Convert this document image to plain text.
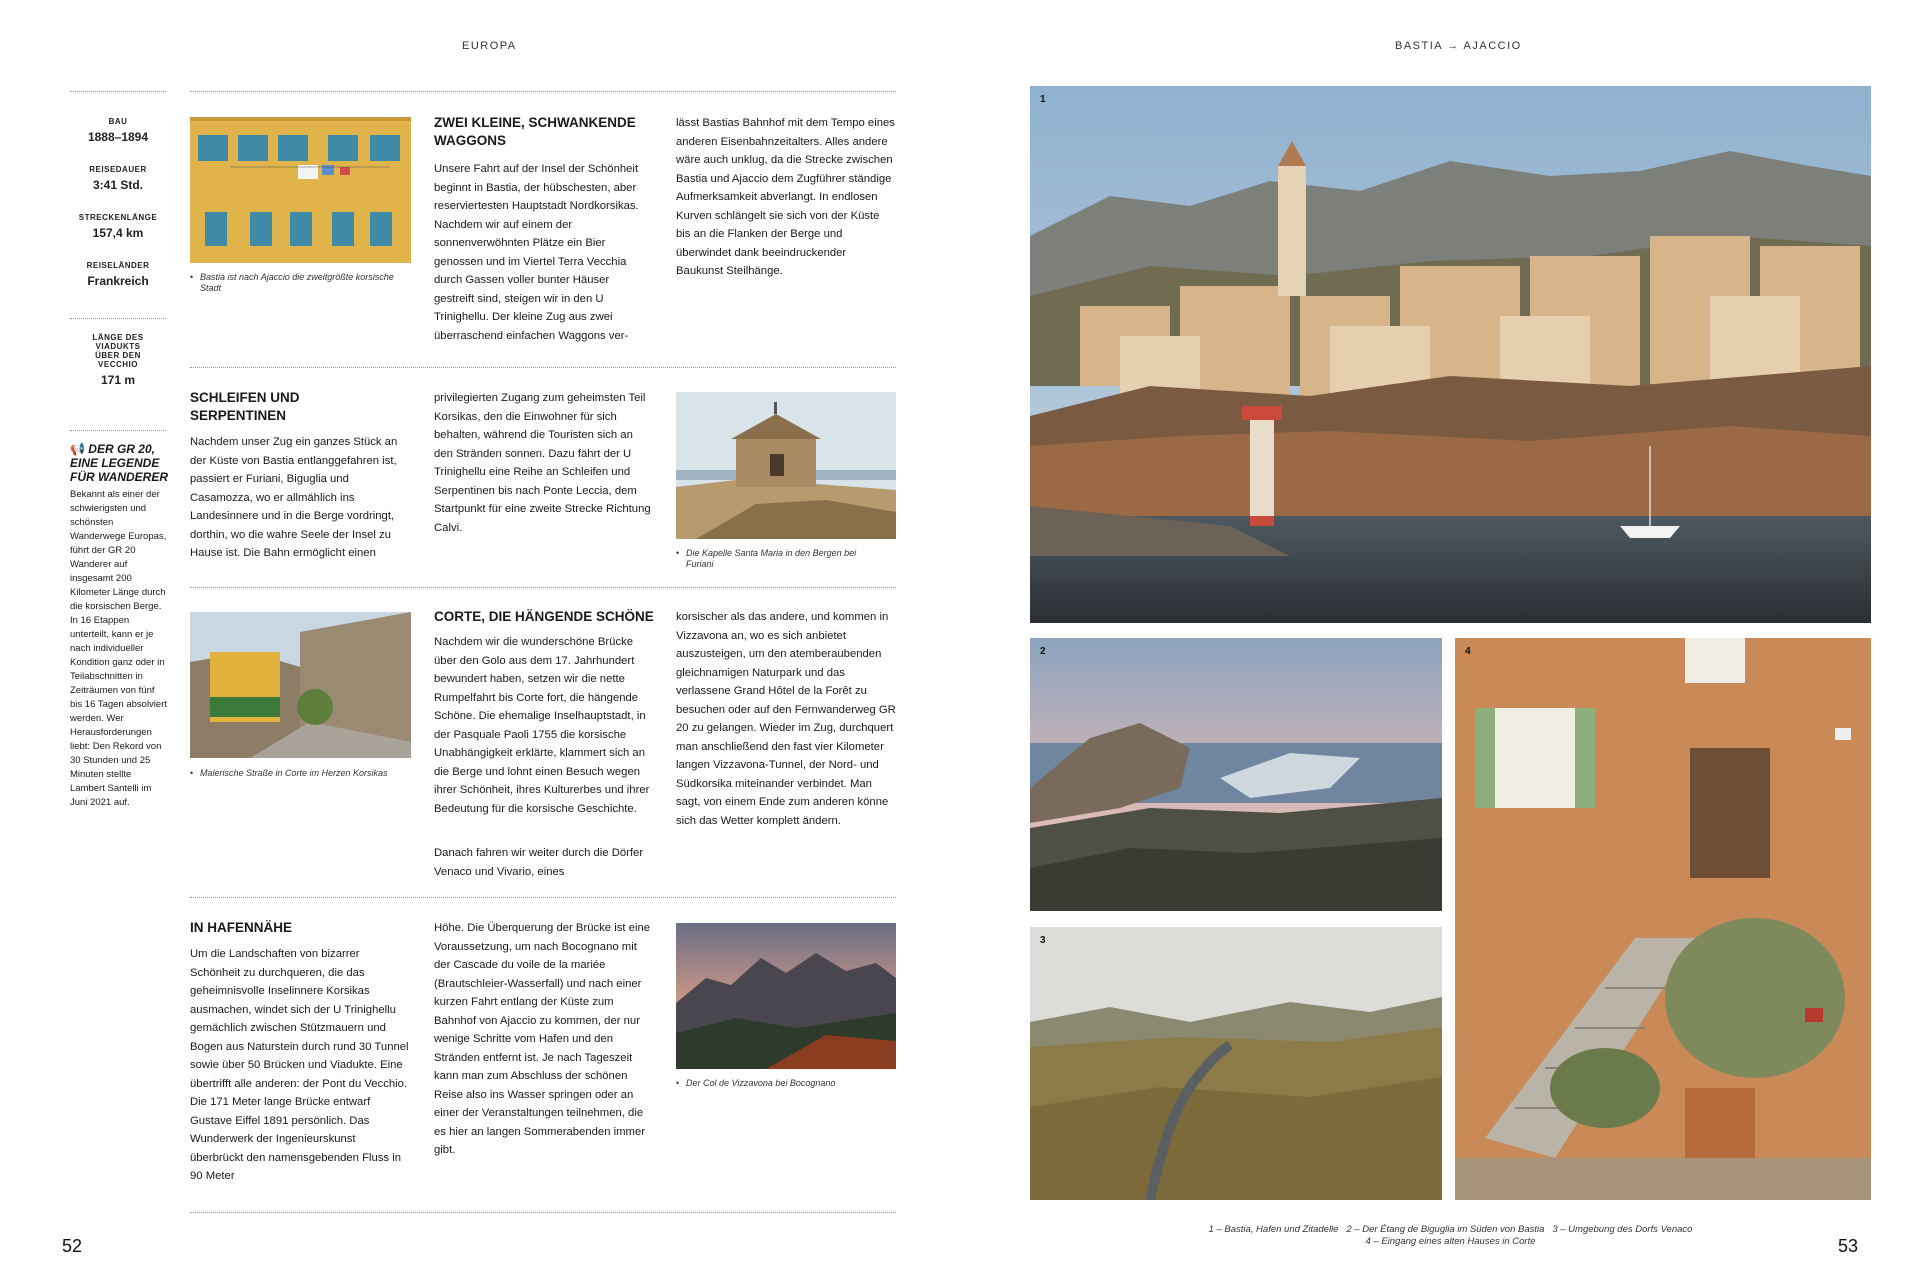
EUROPA	BASTIA → AJACCIO
BAU
1888–1894
REISEDAUER
3:41 Std.
STRECKENLÄNGE
157,4 km
REISELÄNDER
Frankreich
LÄNGE DES VIADUKTS ÜBER DEN VECCHIO
171 m
📢 DER GR 20, EINE LEGENDE FÜR WANDERER

Bekannt als einer der schwierigsten und schönsten Wanderwege Europas, führt der GR 20 Wanderer auf insgesamt 200 Kilometer Länge durch die korsischen Berge. In 16 Etappen unterteilt, kann er je nach individueller Kondition ganz oder in Teilabschnitten in Zeiträumen von fünf bis 16 Tagen absolviert werden. Wer Herausforderungen liebt: Den Rekord von 30 Stunden und 25 Minuten stellte Lambert Santelli im Juni 2021 auf.

• Bastia ist nach Ajaccio die zweitgrößte korsische Stadt
ZWEI KLEINE, SCHWANKENDE WAGGONS

Unsere Fahrt auf der Insel der Schönheit beginnt in Bastia, der hübschesten, aber reserviertesten Hauptstadt Nordkorsikas. Nachdem wir auf einem der sonnenverwöhnten Plätze ein Bier genossen und im Viertel Terra Vecchia durch Gassen voller bunter Häuser gestreift sind, steigen wir in den U Trinighellu. Der kleine Zug aus zwei überraschend einfachen Waggons ver-

lässt Bastias Bahnhof mit dem Tempo eines anderen Eisenbahnzeitalters. Alles andere wäre auch unklug, da die Strecke zwischen Bastia und Ajaccio dem Zugführer ständige Aufmerksamkeit abverlangt. In endlosen Kurven schlängelt sie sich von der Küste bis an die Flanken der Berge und überwindet dank beeindruckender Baukunst Steilhänge.

SCHLEIFEN UND SERPENTINEN

Nachdem unser Zug ein ganzes Stück an der Küste von Bastia entlanggefahren ist, passiert er Furiani, Biguglia und Casamozza, wo er allmählich ins Landesinnere und in die Berge vordringt, dorthin, wo die wahre Seele der Insel zu Hause ist. Die Bahn ermöglicht einen

privilegierten Zugang zum geheimsten Teil Korsikas, den die Einwohner für sich behalten, während die Touristen sich an den Stränden sonnen. Dazu fährt der U Trinighellu eine Reihe an Schleifen und Serpentinen bis nach Ponte Leccia, dem Startpunkt für eine zweite Strecke Richtung Calvi.

• Die Kapelle Santa Maria in den Bergen bei Furiani
• Malerische Straße in Corte im Herzen Korsikas
CORTE, DIE HÄNGENDE SCHÖNE

Nachdem wir die wunderschöne Brücke über den Golo aus dem 17. Jahrhundert bewundert haben, setzen wir die nette Rumpelfahrt bis Corte fort, die hängende Schöne. Die ehemalige Inselhauptstadt, in der Pasquale Paoli 1755 die korsische Unabhängigkeit erklärte, klammert sich an die Berge und lohnt einen Besuch wegen ihrer Schönheit, ihres Kulturerbes und ihrer Bedeutung für die korsische Geschichte.

Danach fahren wir weiter durch die Dörfer Venaco und Vivario, eines

korsischer als das andere, und kommen in Vizzavona an, wo es sich anbietet auszusteigen, um den atemberaubenden gleichnamigen Naturpark und das verlassene Grand Hôtel de la Forêt zu besuchen oder auf den Fernwanderweg GR 20 zu gelangen. Wieder im Zug, durchquert man anschließend den fast vier Kilometer langen Vizzavona-Tunnel, der Nord- und Südkorsika miteinander verbindet. Man sagt, von einem Ende zum anderen könne sich das Wetter komplett ändern.

IN HAFENNÄHE

Um die Landschaften von bizarrer Schönheit zu durchqueren, die das geheimnisvolle Inselinnere Korsikas ausmachen, windet sich der U Trinighellu gemächlich zwischen Stützmauern und Bogen aus Naturstein durch rund 30 Tunnel sowie über 50 Brücken und Viadukte. Eine übertrifft alle anderen: der Pont du Vecchio. Die 171 Meter lange Brücke entwarf Gustave Eiffel 1891 persönlich. Das Wunderwerk der Ingenieurskunst überbrückt den namensgebenden Fluss in 90 Meter

Höhe. Die Überquerung der Brücke ist eine Voraussetzung, um nach Bocognano mit der Cascade du voile de la mariée (Brautschleier-Wasserfall) und nach einer kurzen Fahrt entlang der Küste zum Bahnhof von Ajaccio zu kommen, der nur wenige Schritte vom Hafen und den Stränden entfernt ist. Je nach Tageszeit kann man zum Abschluss der schönen Reise also ins Wasser springen oder an einer der Veranstaltungen teilnehmen, die es hier an langen Sommerabenden immer gibt.

• Der Col de Vizzavona bei Bocognano
52
1
2
3
4
1 – Bastia, Hafen und Zitadelle   2 – Der Étang de Biguglia im Süden von Bastia   3 – Umgebung des Dorfs Venaco
4 – Eingang eines alten Hauses in Corte	53
